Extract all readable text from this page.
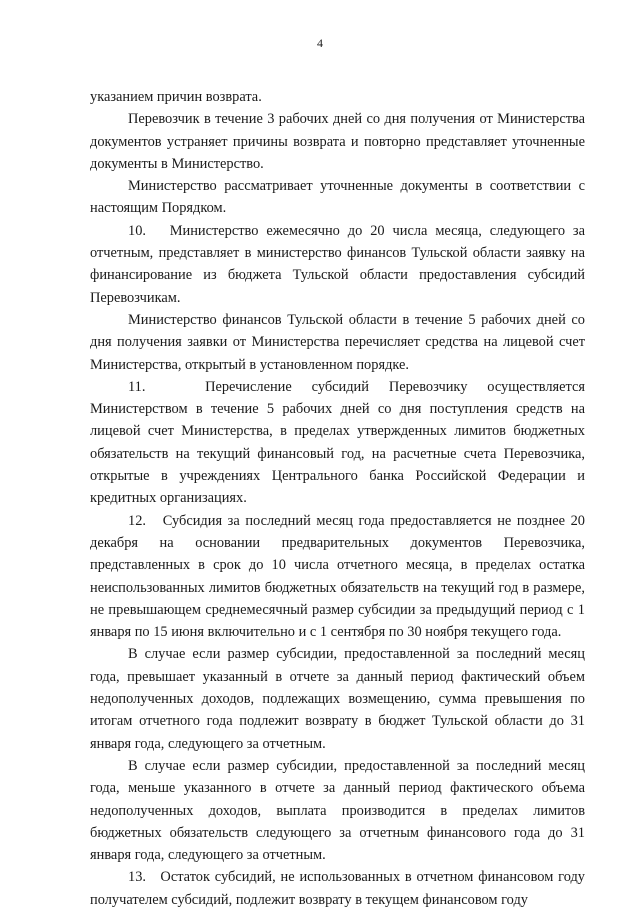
4

указанием причин возврата.

Перевозчик в течение 3 рабочих дней со дня получения от Министерства документов устраняет причины возврата и повторно представляет уточненные документы в Министерство.

Министерство рассматривает уточненные документы в соответствии с настоящим Порядком.

10.   Министерство ежемесячно до 20 числа месяца, следующего за отчетным, представляет в министерство финансов Тульской области заявку на финансирование из бюджета Тульской области предоставления субсидий Перевозчикам.

Министерство финансов Тульской области в течение 5 рабочих дней со дня получения заявки от Министерства перечисляет средства на лицевой счет Министерства, открытый в установленном порядке.

11.   Перечисление субсидий Перевозчику осуществляется Министерством в течение 5 рабочих дней со дня поступления средств на лицевой счет Министерства, в пределах утвержденных лимитов бюджетных обязательств на текущий финансовый год, на расчетные счета Перевозчика, открытые в учреждениях Центрального банка Российской Федерации и кредитных организациях.

12.   Субсидия за последний месяц года предоставляется не позднее 20 декабря на основании предварительных документов Перевозчика, представленных в срок до 10 числа отчетного месяца, в пределах остатка неиспользованных лимитов бюджетных обязательств на текущий год в размере, не превышающем среднемесячный размер субсидии за предыдущий период с 1 января по 15 июня включительно и с 1 сентября по 30 ноября текущего года.

В случае если размер субсидии, предоставленной за последний месяц года, превышает указанный в отчете за данный период фактический объем недополученных доходов, подлежащих возмещению, сумма превышения по итогам отчетного года подлежит возврату в бюджет Тульской области до 31 января года, следующего за отчетным.

В случае если размер субсидии, предоставленной за последний месяц года, меньше указанного в отчете за данный период фактического объема недополученных доходов, выплата производится в пределах лимитов бюджетных обязательств следующего за отчетным финансового года до 31 января года, следующего за отчетным.

13.   Остаток субсидий, не использованных в отчетном финансовом году получателем субсидий, подлежит возврату в текущем финансовом году
